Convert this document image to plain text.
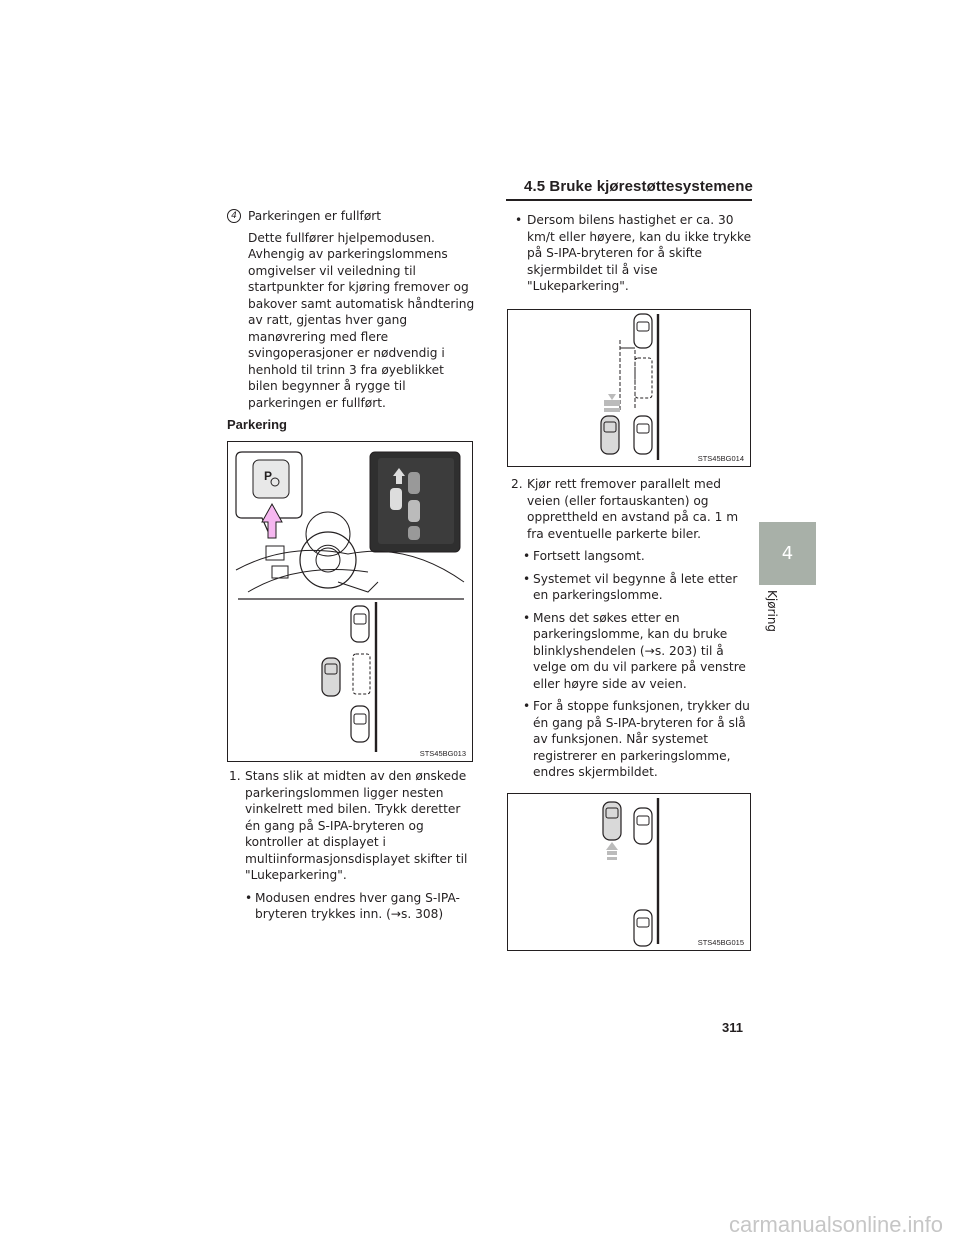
4.5 Bruke kjørestøttesystemene
4
Kjøring
4 Parkeringen er fullført
Dette fullfører hjelpemodusen. Avhengig av parkeringslommens omgivelser vil veiledning til startpunkter for kjøring fremover og bakover samt automatisk håndtering av ratt, gjentas hver gang manøvrering med flere svingoperasjoner er nødvendig i henhold til trinn 3 fra øyeblikket bilen begynner å rygge til parkeringen er fullført.
Parkering
P
STS45BG013
1. Stans slik at midten av den ønskede parkeringslommen ligger nesten vinkelrett med bilen. Trykk deretter én gang på S-IPA-bryteren og kontroller at displayet i multiinformasjonsdisplayet skifter til "Lukeparkering".
• Modusen endres hver gang S-IPA-bryteren trykkes inn. (→s. 308)
• Dersom bilens hastighet er ca. 30 km/t eller høyere, kan du ikke trykke på S-IPA-bryteren for å skifte skjermbildet til å vise "Lukeparkering".
STS45BG014
2. Kjør rett fremover parallelt med veien (eller fortauskanten) og opprettheld en avstand på ca. 1 m fra eventuelle parkerte biler.
• Fortsett langsomt.
• Systemet vil begynne å lete etter en parkeringslomme.
• Mens det søkes etter en parkeringslomme, kan du bruke blinklyshendelen (→s. 203) til å velge om du vil parkere på venstre eller høyre side av veien.
• For å stoppe funksjonen, trykker du én gang på S-IPA-bryteren for å slå av funksjonen. Når systemet registrerer en parkeringslomme, endres skjermbildet.
STS45BG015
311
carmanualsonline.info
